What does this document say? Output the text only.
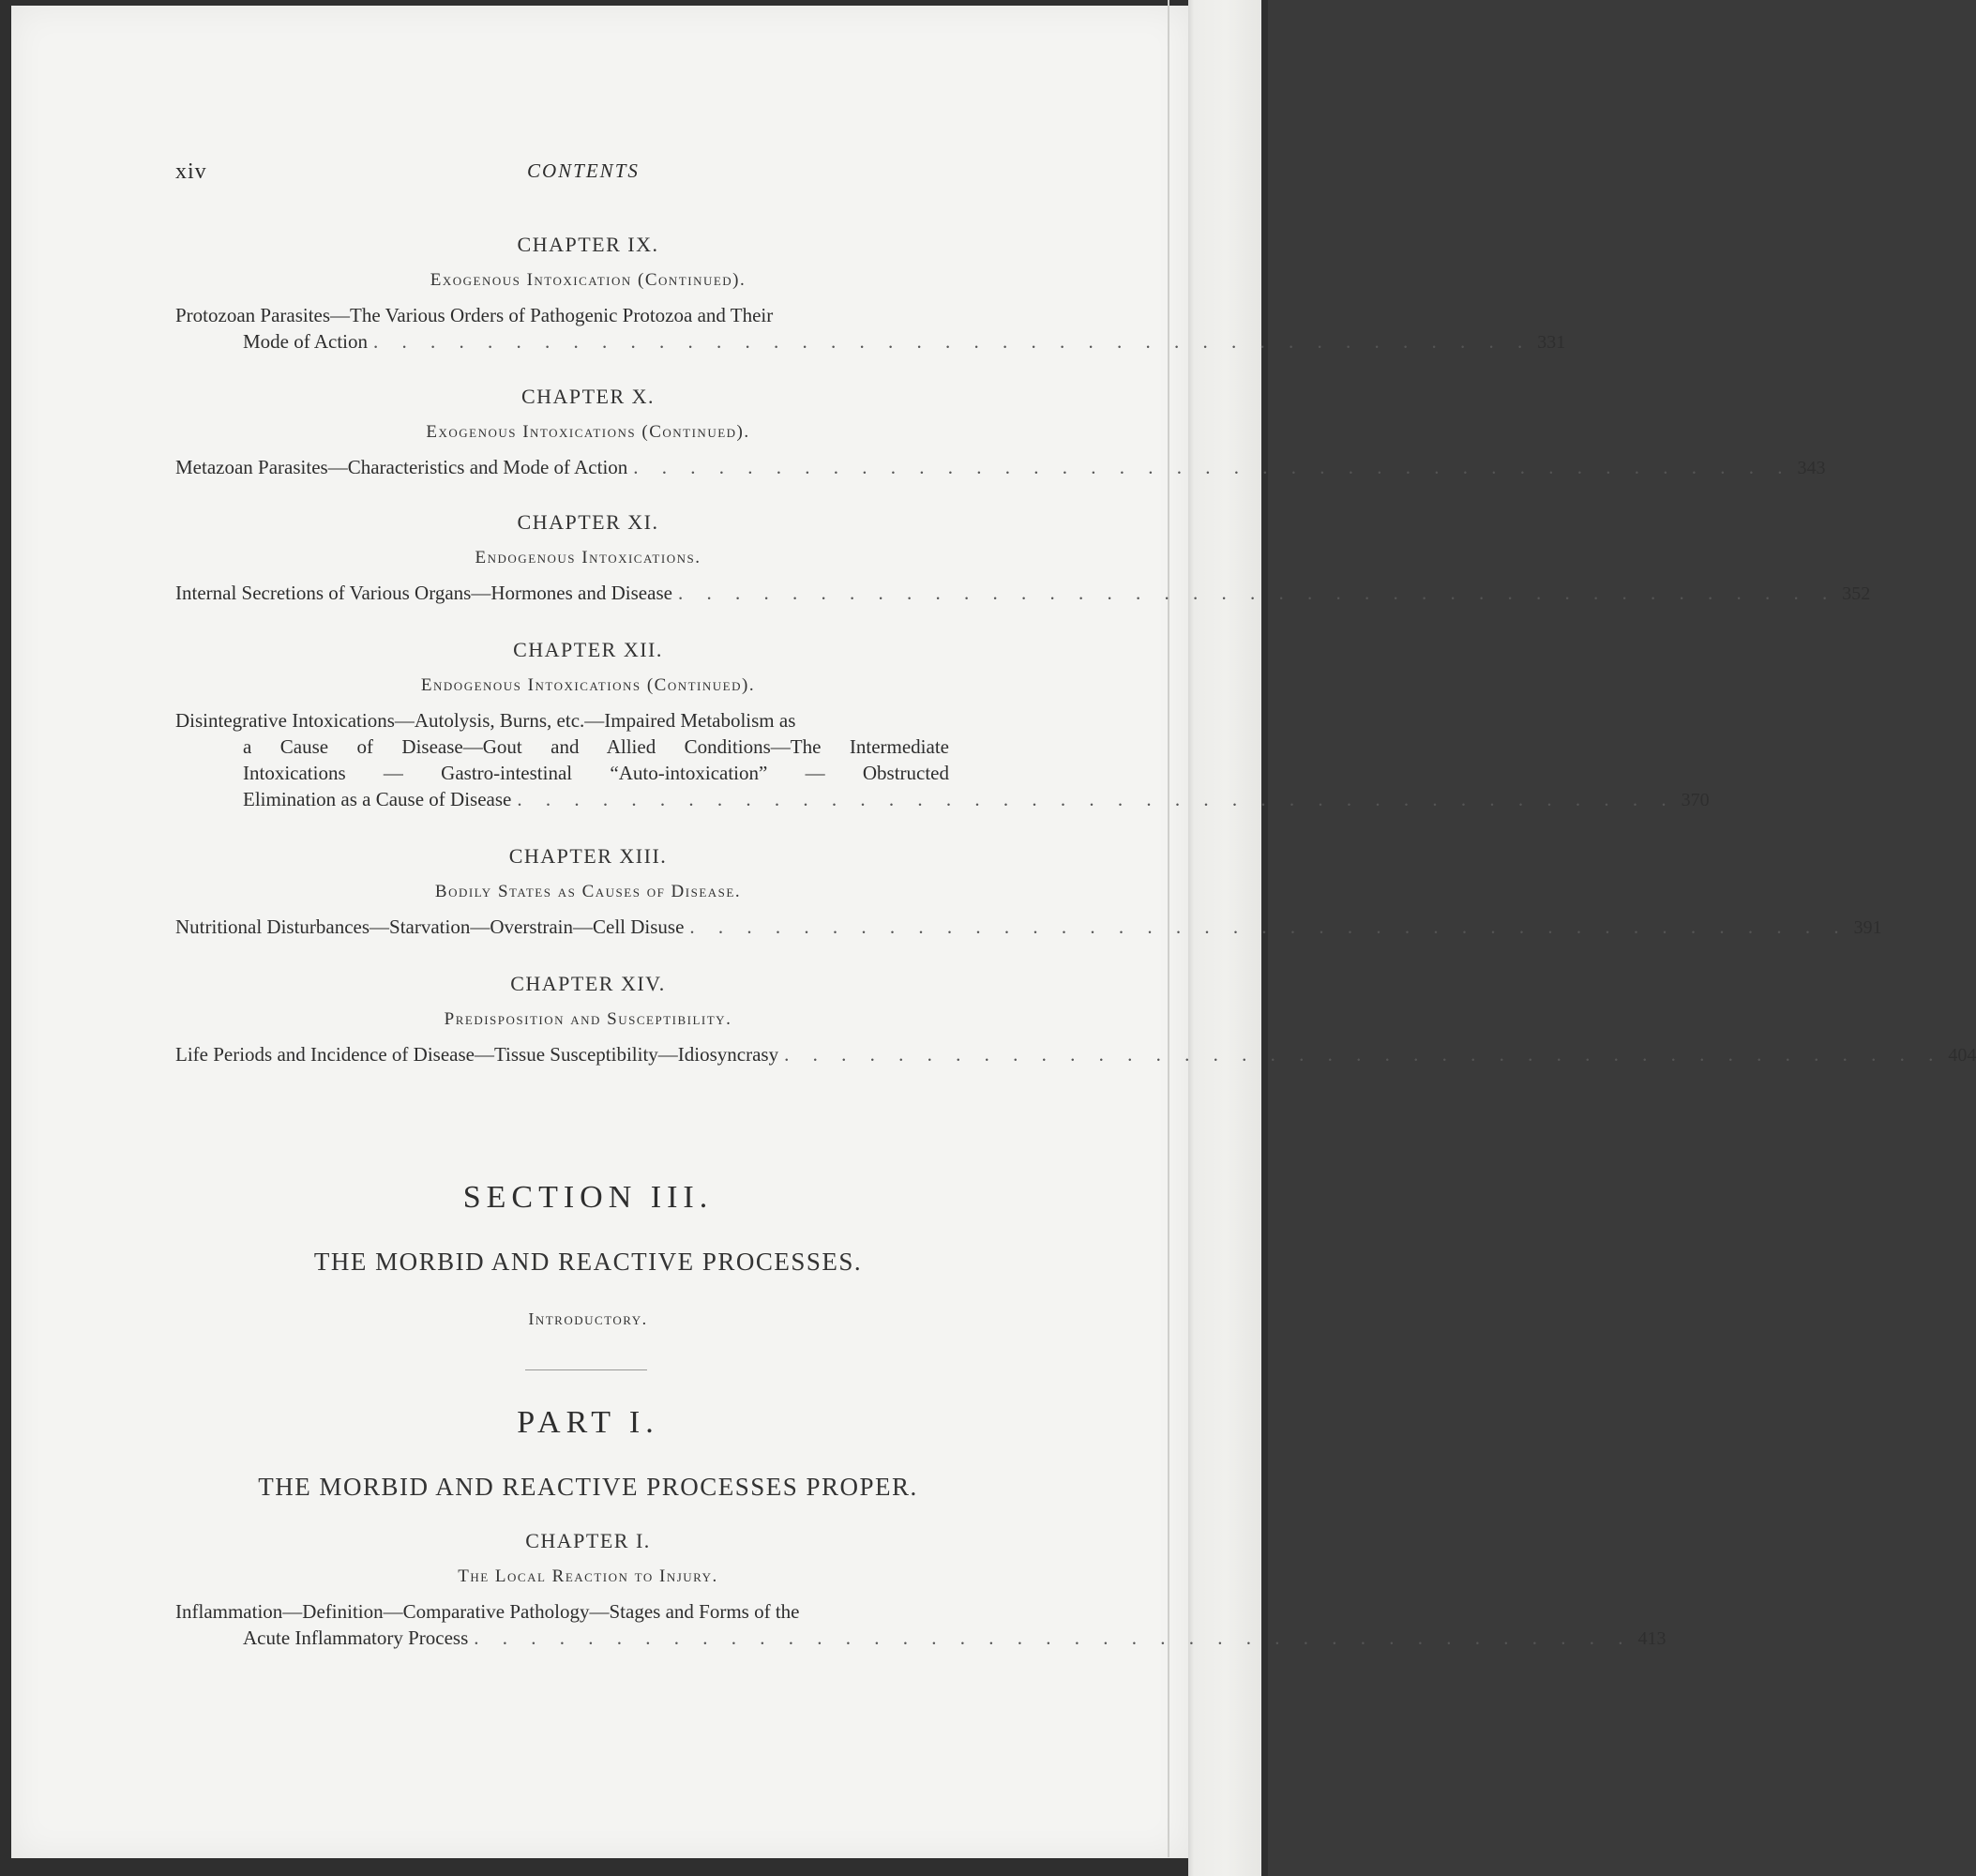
xiv	CONTENTS
CHAPTER IX.
Exogenous Intoxication (Continued).
Protozoan Parasites—The Various Orders of Pathogenic Protozoa and Their
Mode of Action . . . . . . . . . . . . . . . . . . . . . . . . . . . . . . . . . . . . . . . . . 331
CHAPTER X.
Exogenous Intoxications (Continued).
Metazoan Parasites—Characteristics and Mode of Action . . . . . . . . . . . . . . . . . . . . . . . . . . . . . . . . . . . . . . . . . 343
CHAPTER XI.
Endogenous Intoxications.
Internal Secretions of Various Organs—Hormones and Disease . . . . . . . . . . . . . . . . . . . . . . . . . . . . . . . . . . . . . . . . . 352
CHAPTER XII.
Endogenous Intoxications (Continued).
Disintegrative Intoxications—Autolysis, Burns, etc.—Impaired Metabolism as
a Cause of Disease—Gout and Allied Conditions—The Intermediate
Intoxications — Gastro-intestinal “Auto-intoxication” — Obstructed
Elimination as a Cause of Disease . . . . . . . . . . . . . . . . . . . . . . . . . . . . . . . . . . . . . . . . . 370
CHAPTER XIII.
Bodily States as Causes of Disease.
Nutritional Disturbances—Starvation—Overstrain—Cell Disuse . . . . . . . . . . . . . . . . . . . . . . . . . . . . . . . . . . . . . . . . . 391
CHAPTER XIV.
Predisposition and Susceptibility.
Life Periods and Incidence of Disease—Tissue Susceptibility—Idiosyncrasy . . . . . . . . . . . . . . . . . . . . . . . . . . . . . . . . . . . . . . . . . 404
SECTION III.
THE MORBID AND REACTIVE PROCESSES.
Introductory.
PART I.
THE MORBID AND REACTIVE PROCESSES PROPER.
CHAPTER I.
The Local Reaction to Injury.
Inflammation—Definition—Comparative Pathology—Stages and Forms of the
Acute Inflammatory Process . . . . . . . . . . . . . . . . . . . . . . . . . . . . . . . . . . . . . . . . . 413
